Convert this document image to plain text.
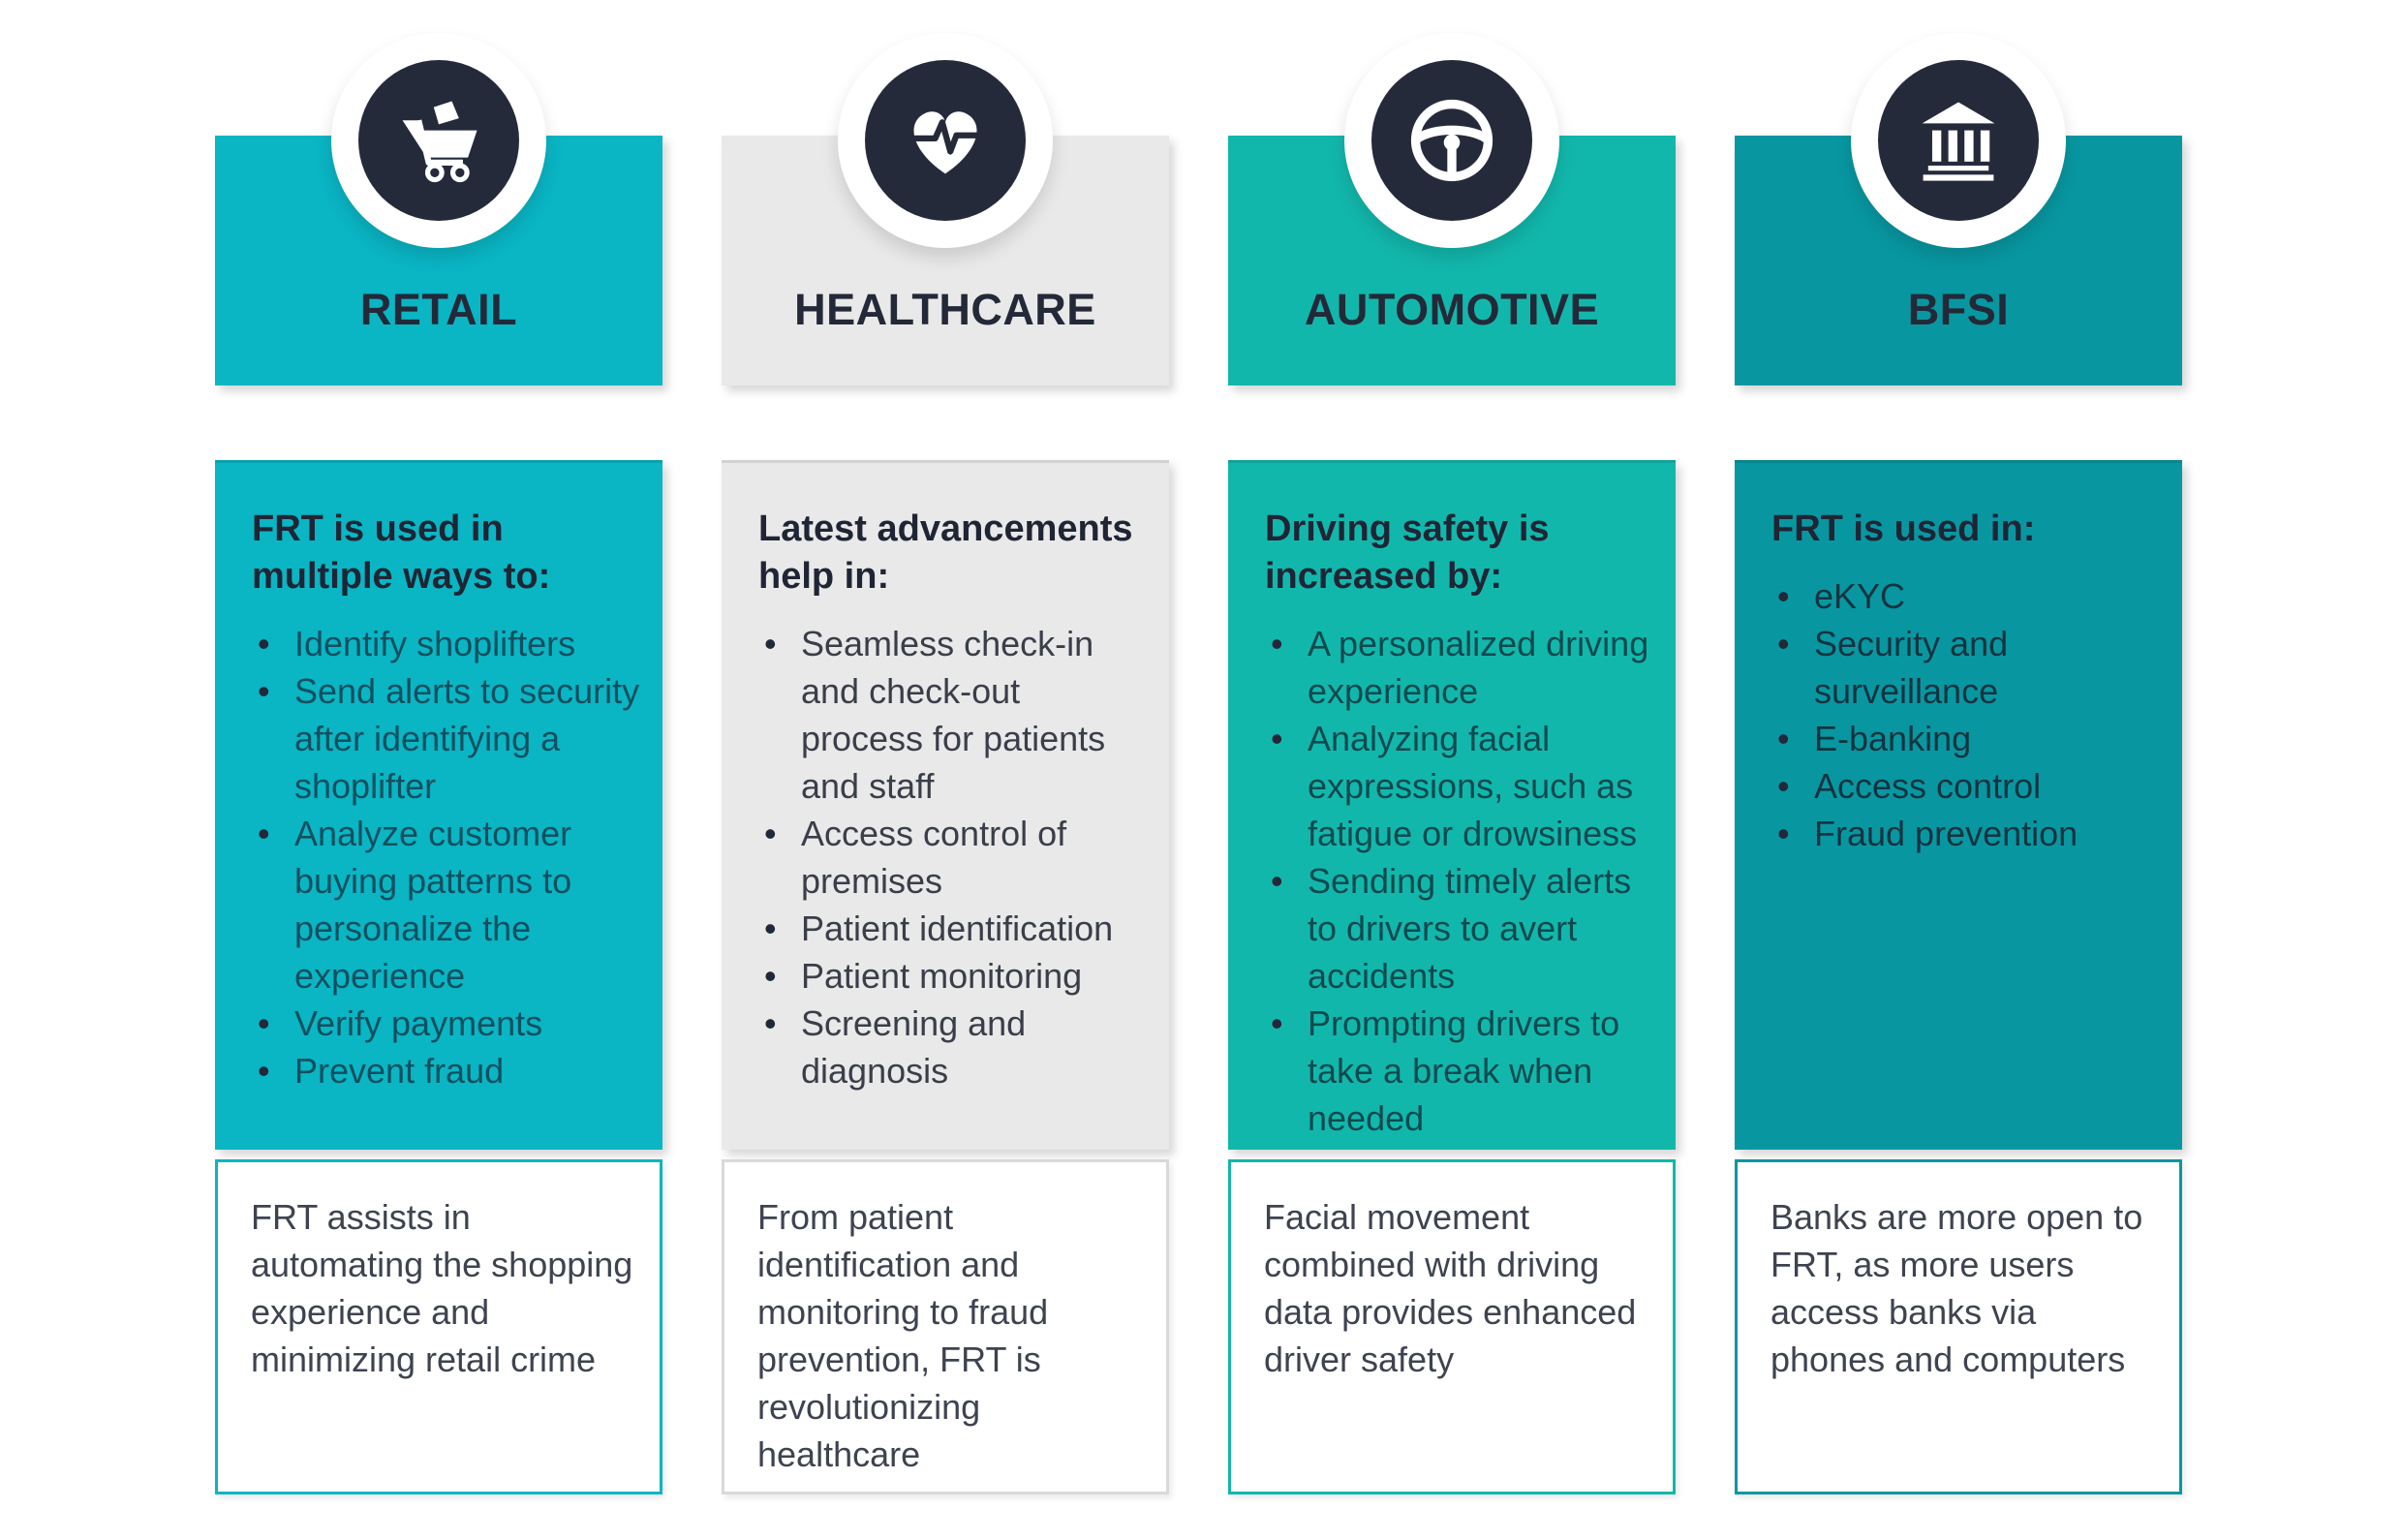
RETAIL

FRT is used in multiple ways to:

• Identify shoplifters
• Send alerts to security after identifying a shoplifter
• Analyze customer buying patterns to personalize the experience
• Verify payments
• Prevent fraud
FRT assists in automating the shopping experience and minimizing retail crime
HEALTHCARE

Latest advancements help in:

• Seamless check-in and check-out process for patients and staff
• Access control of premises
• Patient identification
• Patient monitoring
• Screening and diagnosis
From patient identification and monitoring to fraud prevention, FRT is revolutionizing healthcare
AUTOMOTIVE

Driving safety is increased by:

• A personalized driving experience
• Analyzing facial expressions, such as fatigue or drowsiness
• Sending timely alerts to drivers to avert accidents
• Prompting drivers to take a break when needed
Facial movement combined with driving data provides enhanced driver safety
BFSI

FRT is used in:

• eKYC
• Security and surveillance
• E-banking
• Access control
• Fraud prevention
Banks are more open to FRT, as more users access banks via phones and computers
